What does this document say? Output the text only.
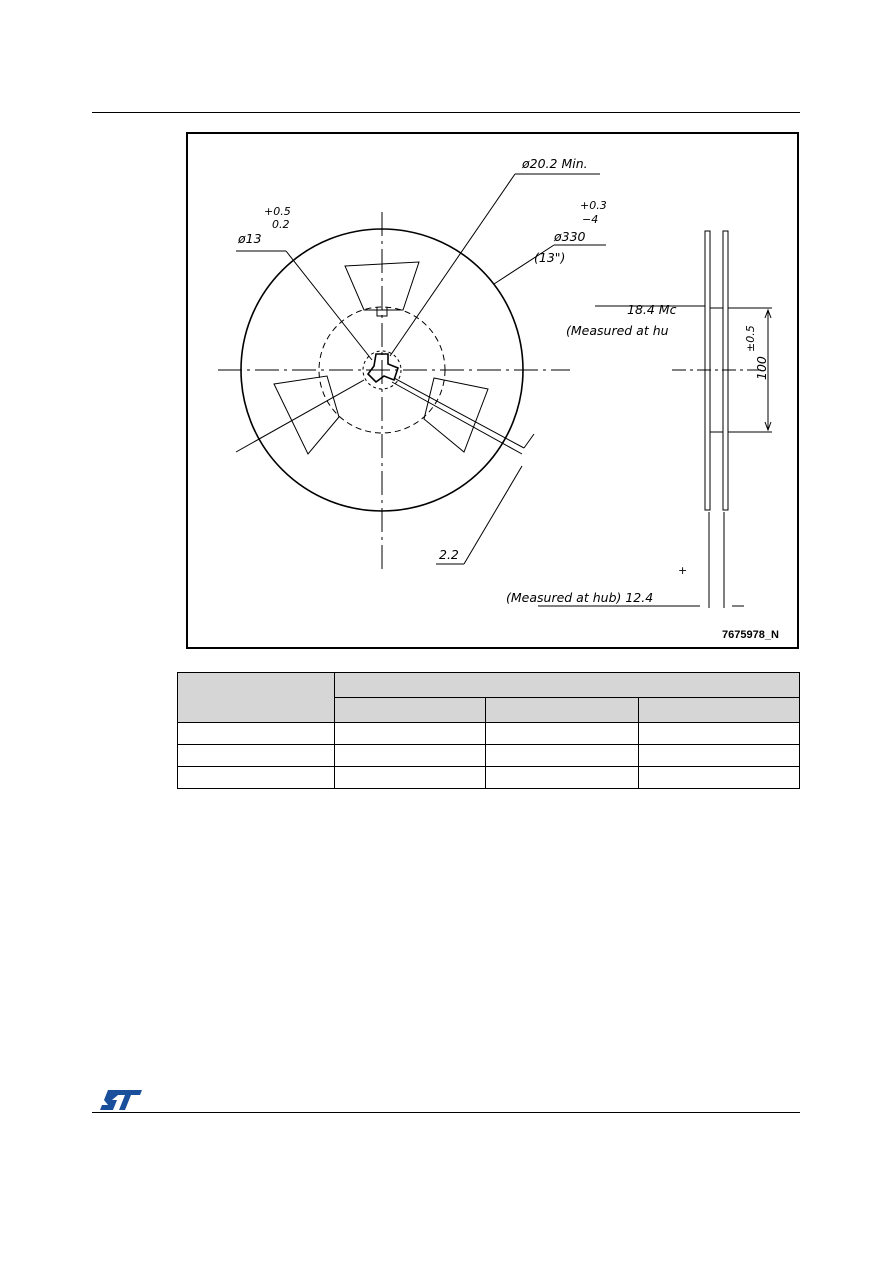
ø20.2 Min.
+0.3
−4
ø330
(13")
+0.5
0.2
ø13
18.4 Mc
(Measured at hu	±0.5
100
2.2
+
(Measured at hub) 12.4
7675978_N
